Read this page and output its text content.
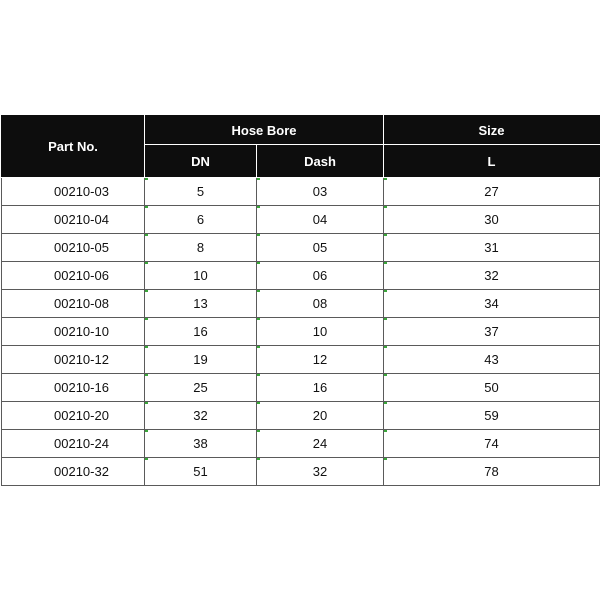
Part No.	Hose Bore		Size
	DN	Dash	L
00210-03	5	03	27
00210-04	6	04	30
00210-05	8	05	31
00210-06	10	06	32
00210-08	13	08	34
00210-10	16	10	37
00210-12	19	12	43
00210-16	25	16	50
00210-20	32	20	59
00210-24	38	24	74
00210-32	51	32	78
